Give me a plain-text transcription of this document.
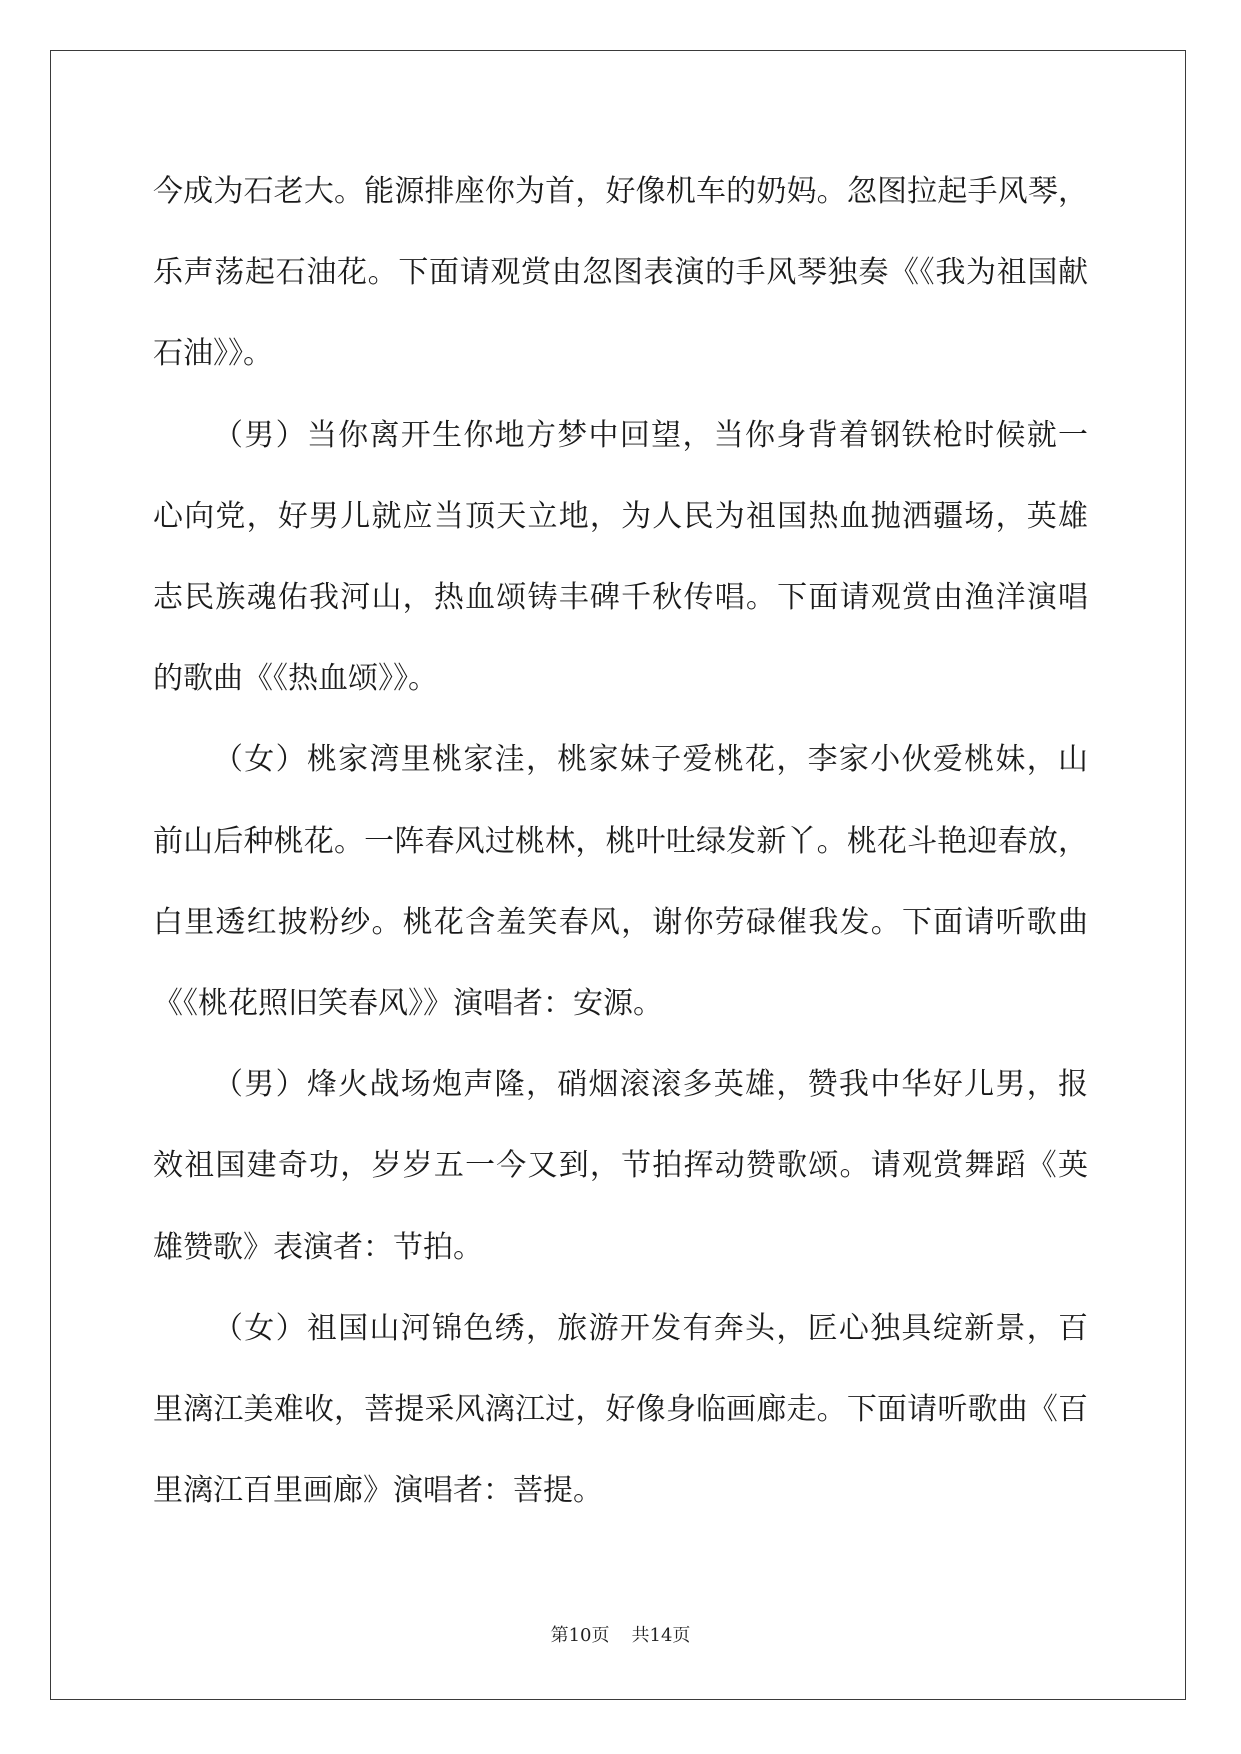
今成为石老大。能源排座你为首，好像机车的奶妈。忽图拉起手风琴，
乐声荡起石油花。下面请观赏由忽图表演的手风琴独奏《《我为祖国献
石油》》。
（男）当你离开生你地方梦中回望，当你身背着钢铁枪时候就一
心向党，好男儿就应当顶天立地，为人民为祖国热血抛洒疆场，英雄
志民族魂佑我河山，热血颂铸丰碑千秋传唱。下面请观赏由渔洋演唱
的歌曲《《热血颂》》。
（女）桃家湾里桃家洼，桃家妹子爱桃花，李家小伙爱桃妹，山
前山后种桃花。一阵春风过桃林，桃叶吐绿发新丫。桃花斗艳迎春放，
白里透红披粉纱。桃花含羞笑春风，谢你劳碌催我发。下面请听歌曲
《《桃花照旧笑春风》》演唱者：安源。
（男）烽火战场炮声隆，硝烟滚滚多英雄，赞我中华好儿男，报
效祖国建奇功，岁岁五一今又到，节拍挥动赞歌颂。请观赏舞蹈《英
雄赞歌》表演者：节拍。
（女）祖国山河锦色绣，旅游开发有奔头，匠心独具绽新景，百
里漓江美难收，菩提采风漓江过，好像身临画廊走。下面请听歌曲《百
里漓江百里画廊》演唱者：菩提。
第10页 共14页
